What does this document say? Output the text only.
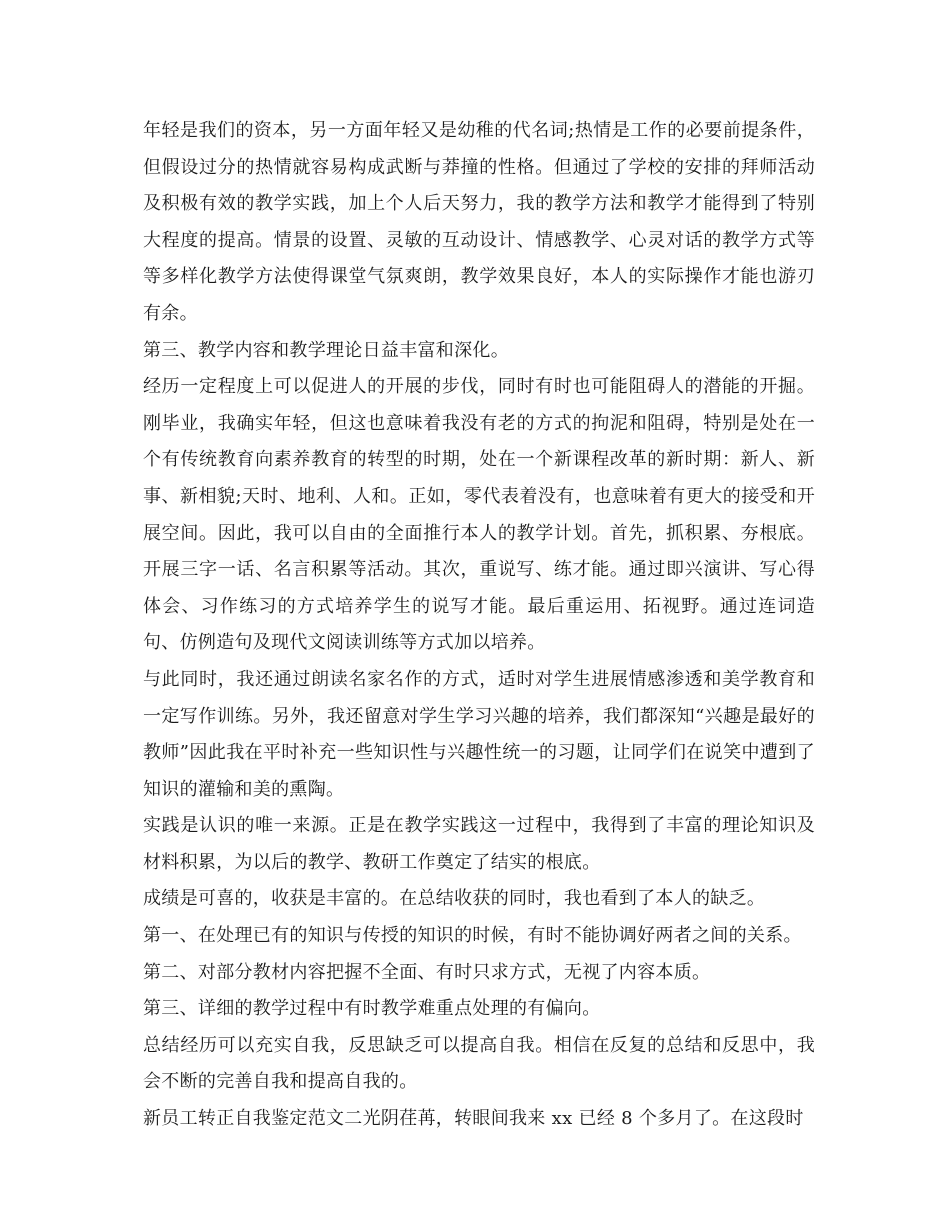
年轻是我们的资本，另一方面年轻又是幼稚的代名词;热情是工作的必要前提条件，但假设过分的热情就容易构成武断与莽撞的性格。但通过了学校的安排的拜师活动及积极有效的教学实践，加上个人后天努力，我的教学方法和教学才能得到了特别大程度的提高。情景的设置、灵敏的互动设计、情感教学、心灵对话的教学方式等等多样化教学方法使得课堂气氛爽朗，教学效果良好，本人的实际操作才能也游刃有余。

第三、教学内容和教学理论日益丰富和深化。

经历一定程度上可以促进人的开展的步伐，同时有时也可能阻碍人的潜能的开掘。刚毕业，我确实年轻，但这也意味着我没有老的方式的拘泥和阻碍，特别是处在一个有传统教育向素养教育的转型的时期，处在一个新课程改革的新时期：新人、新事、新相貌;天时、地利、人和。正如，零代表着没有，也意味着有更大的接受和开展空间。因此，我可以自由的全面推行本人的教学计划。首先，抓积累、夯根底。开展三字一话、名言积累等活动。其次，重说写、练才能。通过即兴演讲、写心得体会、习作练习的方式培养学生的说写才能。最后重运用、拓视野。通过连词造句、仿例造句及现代文阅读训练等方式加以培养。

与此同时，我还通过朗读名家名作的方式，适时对学生进展情感渗透和美学教育和一定写作训练。另外，我还留意对学生学习兴趣的培养，我们都深知“兴趣是最好的教师”因此我在平时补充一些知识性与兴趣性统一的习题，让同学们在说笑中遭到了知识的灌输和美的熏陶。

实践是认识的唯一来源。正是在教学实践这一过程中，我得到了丰富的理论知识及材料积累，为以后的教学、教研工作奠定了结实的根底。

成绩是可喜的，收获是丰富的。在总结收获的同时，我也看到了本人的缺乏。

第一、在处理已有的知识与传授的知识的时候，有时不能协调好两者之间的关系。

第二、对部分教材内容把握不全面、有时只求方式，无视了内容本质。

第三、详细的教学过程中有时教学难重点处理的有偏向。

总结经历可以充实自我，反思缺乏可以提高自我。相信在反复的总结和反思中，我会不断的完善自我和提高自我的。

新员工转正自我鉴定范文二光阴荏苒，转眼间我来 xx 已经 8 个多月了。在这段时
